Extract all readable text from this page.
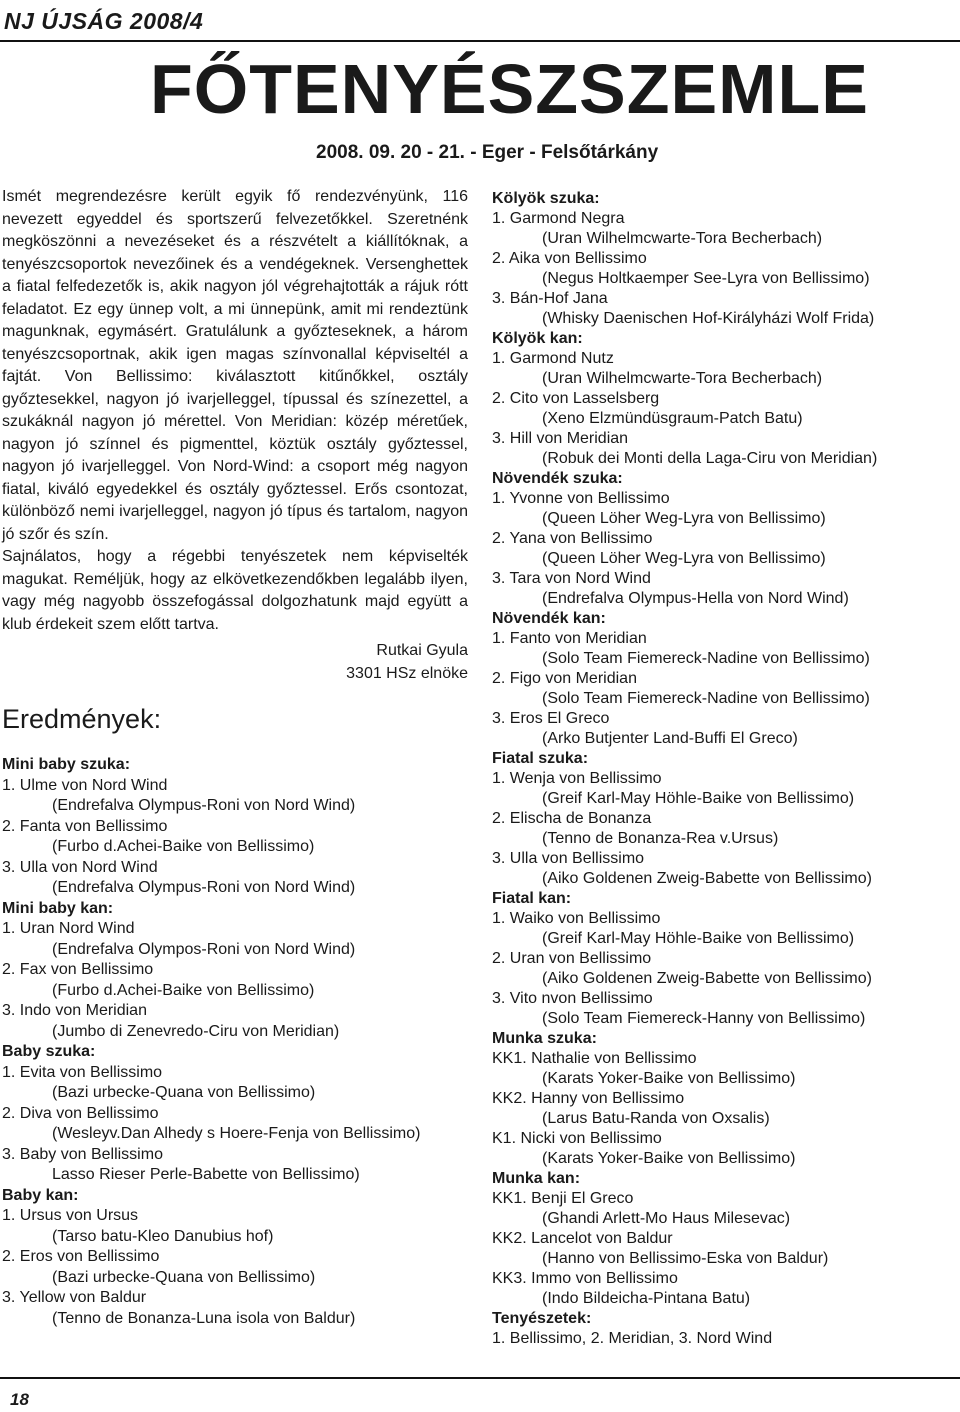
NJ ÚJSÁG 2008/4
FŐTENYÉSZSZEMLE
2008. 09. 20 - 21. - Eger - Felsőtárkány

Ismét megrendezésre került egyik fő rendezvényünk, 116 nevezett egyeddel és sportszerű felvezetőkkel. Szeretnénk megköszönni a nevezéseket és a részvételt a kiállítóknak, a tenyészcsoportok nevezőinek és a vendégeknek. Versenghettek a fiatal felfedezetők is, akik nagyon jól végrehajtották a rájuk rótt feladatot. Ez egy ünnep volt, a mi ünnepünk, amit mi rendeztünk magunknak, egymásért. Gratulálunk a győzteseknek, a három tenyészcsoportnak, akik igen magas színvonallal képviseltél a fajtát. Von Bellissimo: kiválasztott kitűnőkkel, osztály győztesekkel, nagyon jó ivarjelleggel, típussal és színezettel, a szukáknál nagyon jó mérettel. Von Meridian: közép méretűek, nagyon jó színnel és pigmenttel, köztük osztály győztessel, nagyon jó ivarjelleggel. Von Nord-Wind: a csoport még nagyon fiatal, kiváló egyedekkel és osztály győztessel. Erős csontozat, különböző nemi ivarjelleggel, nagyon jó típus és tartalom, nagyon jó szőr és szín.

Sajnálatos, hogy a régebbi tenyészetek nem képviselték magukat. Reméljük, hogy az elkövetkezendőkben legalább ilyen, vagy még nagyobb összefogással dolgozhatunk majd együtt a klub érdekeit szem előtt tartva.

Rutkai Gyula
3301 HSz elnöke
Eredmények:
Mini baby szuka:
1. Ulme von Nord Wind
(Endrefalva Olympus-Roni von Nord Wind)
2. Fanta von Bellissimo
(Furbo d.Achei-Baike von Bellissimo)
3. Ulla von Nord Wind
(Endrefalva Olympus-Roni von Nord Wind)
Mini baby kan:
1. Uran Nord Wind
(Endrefalva Olympos-Roni von Nord Wind)
2. Fax von Bellissimo
(Furbo d.Achei-Baike von Bellissimo)
3. Indo von Meridian
(Jumbo di Zenevredo-Ciru von Meridian)
Baby szuka:
1. Evita von Bellissimo
(Bazi urbecke-Quana von Bellissimo)
2. Diva von Bellissimo
(Wesleyv.Dan Alhedy s Hoere-Fenja von Bellissimo)
3. Baby von Bellissimo
Lasso Rieser Perle-Babette von Bellissimo)
Baby kan:
1. Ursus von Ursus
(Tarso batu-Kleo Danubius hof)
2. Eros von Bellissimo
(Bazi urbecke-Quana von Bellissimo)
3. Yellow von Baldur
(Tenno de Bonanza-Luna isola von Baldur)
Kölyök szuka:
1. Garmond Negra
(Uran Wilhelmcwarte-Tora Becherbach)
2. Aika von Bellissimo
(Negus Holtkaemper See-Lyra von Bellissimo)
3. Bán-Hof Jana
(Whisky Daenischen Hof-Királyházi Wolf Frida)
Kölyök kan:
1. Garmond Nutz
(Uran Wilhelmcwarte-Tora Becherbach)
2. Cito von Lasselsberg
(Xeno Elzmündüsgraum-Patch Batu)
3. Hill von Meridian
(Robuk dei Monti della Laga-Ciru von Meridian)
Növendék szuka:
1. Yvonne von Bellissimo
(Queen Löher Weg-Lyra von Bellissimo)
2. Yana von Bellissimo
(Queen Löher Weg-Lyra von Bellissimo)
3. Tara von Nord Wind
(Endrefalva Olympus-Hella von Nord Wind)
Növendék kan:
1. Fanto von Meridian
(Solo Team Fiemereck-Nadine von Bellissimo)
2. Figo von Meridian
(Solo Team Fiemereck-Nadine von Bellissimo)
3. Eros El Greco
(Arko Butjenter Land-Buffi El Greco)
Fiatal szuka:
1. Wenja von Bellissimo
(Greif Karl-May Höhle-Baike von Bellissimo)
2. Elischa de Bonanza
(Tenno de Bonanza-Rea v.Ursus)
3. Ulla von Bellissimo
(Aiko Goldenen Zweig-Babette von Bellissimo)
Fiatal kan:
1. Waiko von Bellissimo
(Greif Karl-May Höhle-Baike von Bellissimo)
2. Uran von Bellissimo
(Aiko Goldenen Zweig-Babette von Bellissimo)
3. Vito nvon Bellissimo
(Solo Team Fiemereck-Hanny von Bellissimo)
Munka szuka:
KK1. Nathalie von Bellissimo
(Karats Yoker-Baike von Bellissimo)
KK2. Hanny von Bellissimo
(Larus Batu-Randa von Oxsalis)
K1. Nicki von Bellissimo
(Karats Yoker-Baike von Bellissimo)
Munka kan:
KK1. Benji El Greco
(Ghandi Arlett-Mo Haus Milesevac)
KK2. Lancelot von Baldur
(Hanno von Bellissimo-Eska von Baldur)
KK3. Immo von Bellissimo
(Indo Bildeicha-Pintana Batu)
Tenyészetek:
1. Bellissimo, 2. Meridian, 3. Nord Wind
18
